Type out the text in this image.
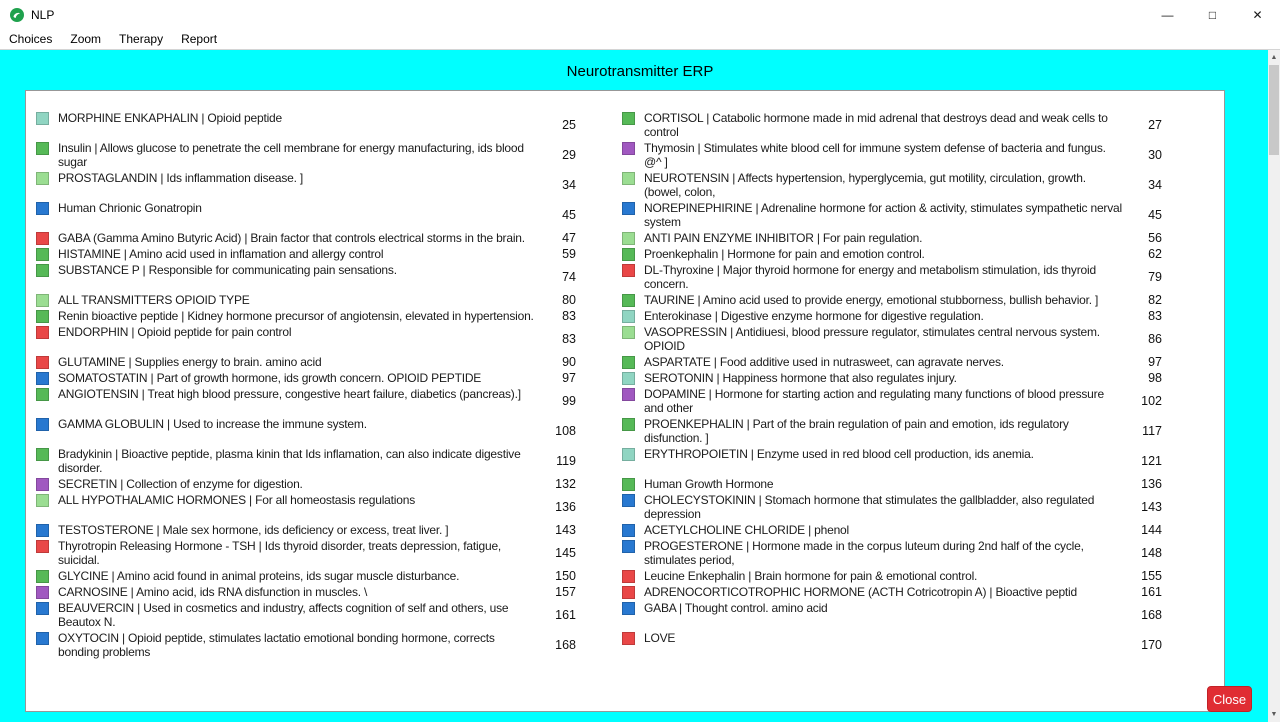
NLP	—	□	✕
Choices	Zoom	Therapy	Report
Neurotransmitter ERP
MORPHINE ENKAPHALIN | Opioid peptide	25	CORTISOL | Catabolic hormone made in mid adrenal that destroys dead and weak cells to control	27
Insulin | Allows glucose to penetrate the cell membrane for energy manufacturing, ids blood sugar	29	Thymosin | Stimulates white blood cell for immune system defense of bacteria and fungus. @^ ]	30
PROSTAGLANDIN | Ids inflammation disease. ]	34	NEUROTENSIN | Affects hypertension, hyperglycemia, gut motility, circulation, growth. (bowel, colon,	34
Human Chrionic Gonatropin	45	NOREPINEPHIRINE | Adrenaline hormone for action & activity, stimulates sympathetic nerval system	45
GABA (Gamma Amino Butyric Acid) | Brain factor that controls electrical storms in the brain.	47	ANTI PAIN ENZYME INHIBITOR | For pain regulation.	56
HISTAMINE | Amino acid used in inflamation and allergy control	59	Proenkephalin | Hormone for pain and emotion control.	62
SUBSTANCE P | Responsible for communicating pain sensations.	74	DL-Thyroxine | Major thyroid hormone for energy and metabolism stimulation, ids thyroid concern.	79
ALL TRANSMITTERS OPIOID TYPE	80	TAURINE | Amino acid used to provide energy, emotional stubborness, bullish behavior. ]	82
Renin bioactive peptide | Kidney hormone precursor of angiotensin, elevated in hypertension.	83	Enterokinase | Digestive enzyme hormone for digestive regulation.	83
ENDORPHIN | Opioid peptide for pain control	83	VASOPRESSIN | Antidiuesi, blood pressure regulator, stimulates central nervous system. OPIOID	86
GLUTAMINE | Supplies energy to brain. amino acid	90	ASPARTATE | Food additive used in nutrasweet, can agravate nerves.	97
SOMATOSTATIN | Part of growth hormone, ids growth concern. OPIOID PEPTIDE	97	SEROTONIN | Happiness hormone that also regulates injury.	98
ANGIOTENSIN | Treat high blood pressure, congestive heart failure, diabetics (pancreas).]	99	DOPAMINE | Hormone for starting action and regulating many functions of blood pressure and other	102
GAMMA GLOBULIN | Used to increase the immune system.	108	PROENKEPHALIN | Part of the brain regulation of pain and emotion, ids regulatory disfunction. ]	117
Bradykinin | Bioactive peptide, plasma kinin that Ids inflamation, can also indicate digestive disorder.	119	ERYTHROPOIETIN | Enzyme used in red blood cell production, ids anemia.	121
SECRETIN | Collection of enzyme for digestion.	132	Human Growth Hormone	136
ALL HYPOTHALAMIC HORMONES | For all homeostasis regulations	136	CHOLECYSTOKININ | Stomach hormone that stimulates the gallbladder, also regulated depression	143
TESTOSTERONE | Male sex hormone, ids deficiency or excess, treat liver. ]	143	ACETYLCHOLINE CHLORIDE | phenol	144
Thyrotropin Releasing Hormone - TSH | Ids thyroid disorder, treats depression, fatigue, suicidal.	145	PROGESTERONE | Hormone made in the corpus luteum during 2nd half of the cycle, stimulates period,	148
GLYCINE | Amino acid found in animal proteins, ids sugar muscle disturbance.	150	Leucine Enkephalin | Brain hormone for pain & emotional control.	155
CARNOSINE | Amino acid, ids RNA disfunction in muscles. \	157	ADRENOCORTICOTROPHIC HORMONE (ACTH Cotricotropin A) | Bioactive peptid	161
BEAUVERCIN | Used in cosmetics and industry, affects cognition of self and others, use Beautox N.	161	GABA | Thought control. amino acid	168
OXYTOCIN | Opioid peptide, stimulates lactatio emotional bonding hormone, corrects bonding problems	168	LOVE	170
Close
▲
▼
